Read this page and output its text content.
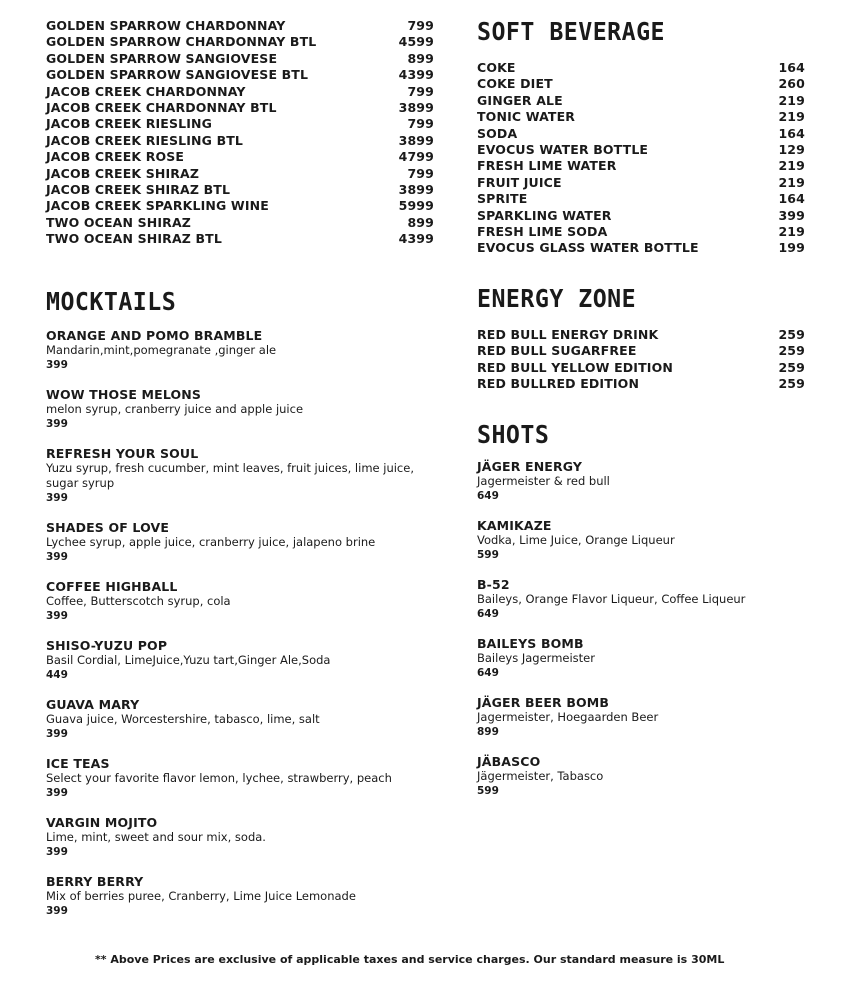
GOLDEN SPARROW CHARDONNAY	799
GOLDEN SPARROW CHARDONNAY BTL	4599
GOLDEN SPARROW SANGIOVESE	899
GOLDEN SPARROW SANGIOVESE BTL	4399
JACOB CREEK CHARDONNAY	799
JACOB CREEK CHARDONNAY BTL	3899
JACOB CREEK RIESLING	799
JACOB CREEK RIESLING BTL	3899
JACOB CREEK ROSE	4799
JACOB CREEK SHIRAZ	799
JACOB CREEK SHIRAZ BTL	3899
JACOB CREEK SPARKLING WINE	5999
TWO OCEAN SHIRAZ	899
TWO OCEAN SHIRAZ BTL	4399
MOCKTAILS
ORANGE AND POMO BRAMBLE
Mandarin,mint,pomegranate ,ginger ale
399
WOW THOSE MELONS
melon syrup, cranberry juice and apple juice
399
REFRESH YOUR SOUL
Yuzu syrup, fresh cucumber, mint leaves, fruit juices, lime juice, sugar syrup
399
SHADES OF LOVE
Lychee syrup, apple juice, cranberry juice, jalapeno brine
399
COFFEE HIGHBALL
Coffee, Butterscotch syrup, cola
399
SHISO-YUZU POP
Basil Cordial, LimeJuice,Yuzu tart,Ginger Ale,Soda
449
GUAVA MARY
Guava juice, Worcestershire, tabasco, lime, salt
399
ICE TEAS
Select your favorite flavor lemon, lychee, strawberry, peach
399
VARGIN MOJITO
Lime, mint, sweet and sour mix, soda.
399
BERRY BERRY
Mix of berries puree, Cranberry, Lime Juice Lemonade
399
SOFT BEVERAGE
COKE	164
COKE DIET	260
GINGER ALE	219
TONIC WATER	219
SODA	164
EVOCUS WATER BOTTLE	129
FRESH LIME WATER	219
FRUIT JUICE	219
SPRITE	164
SPARKLING WATER	399
FRESH LIME SODA	219
EVOCUS GLASS WATER BOTTLE	199
ENERGY ZONE
RED BULL ENERGY DRINK	259
RED BULL SUGARFREE	259
RED BULL YELLOW EDITION	259
RED BULLRED EDITION	259
SHOTS
JÄGER ENERGY
Jagermeister & red bull
649
KAMIKAZE
Vodka, Lime Juice, Orange Liqueur
599
B-52
Baileys, Orange Flavor Liqueur, Coffee Liqueur
649
BAILEYS BOMB
Baileys Jagermeister
649
JÄGER BEER BOMB
Jagermeister, Hoegaarden Beer
899
JÄBASCO
Jägermeister, Tabasco
599
** Above Prices are exclusive of applicable taxes and service charges. Our standard measure is 30ML
